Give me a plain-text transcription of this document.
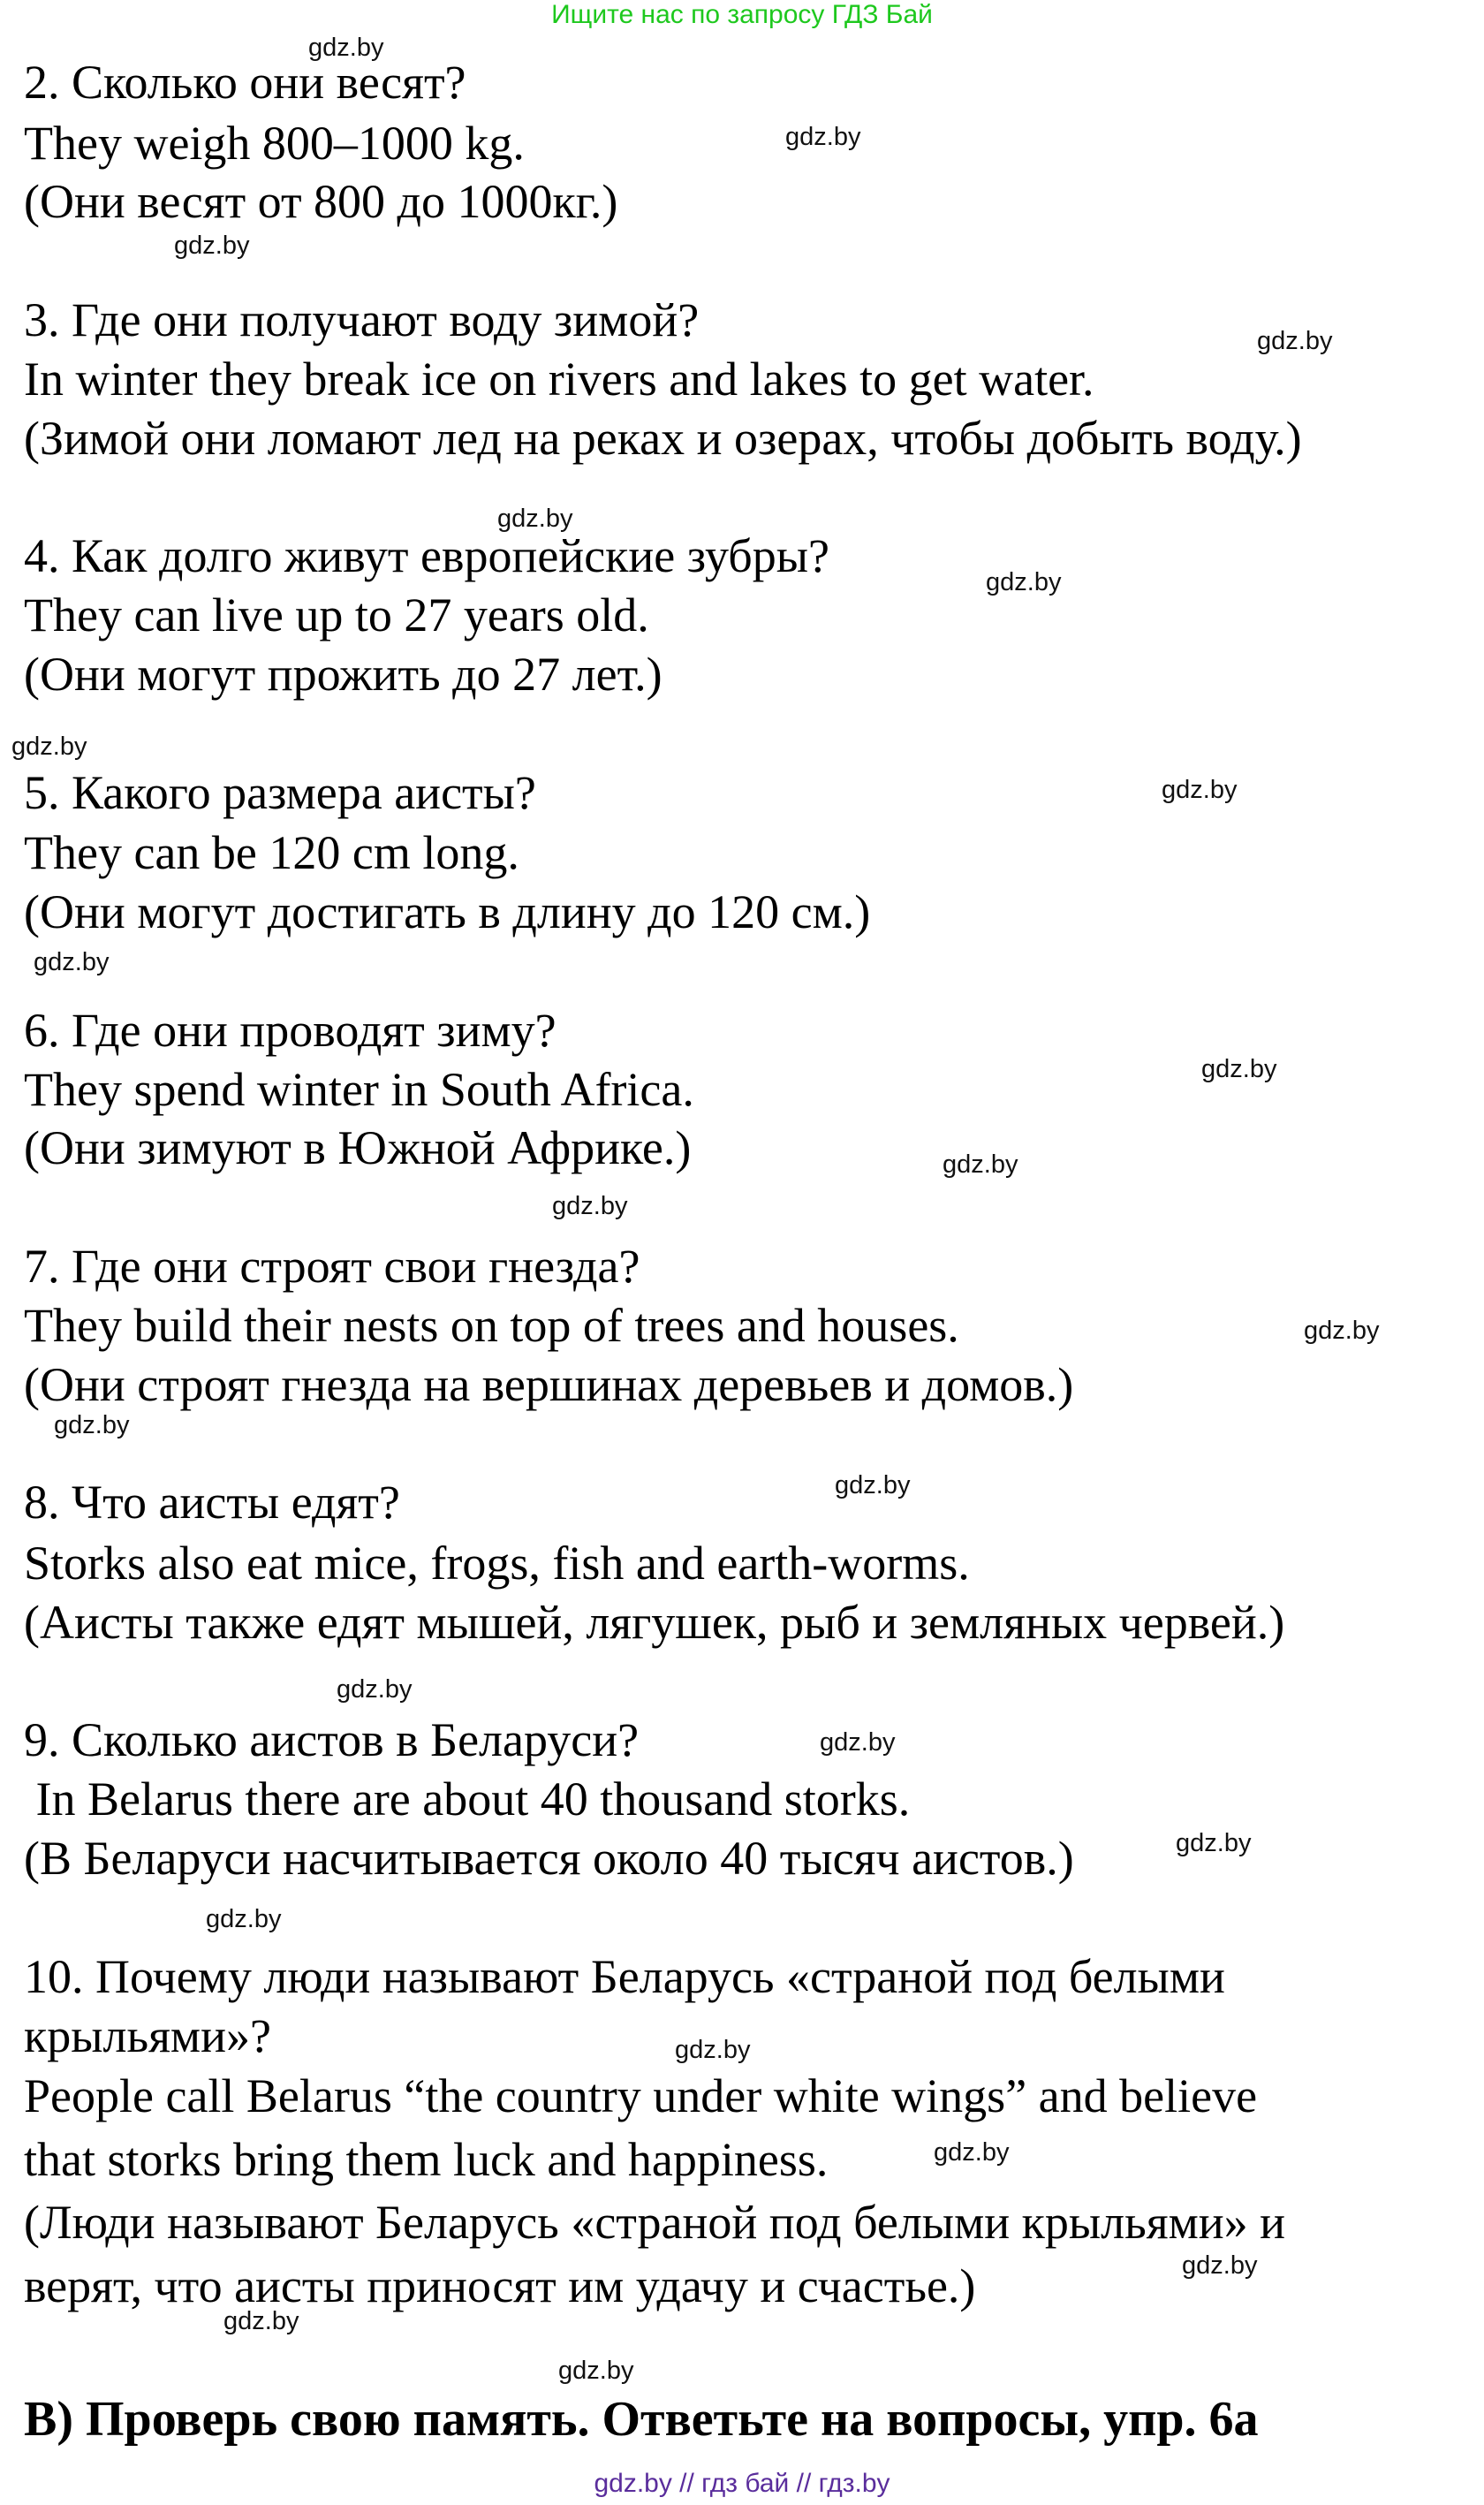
Ищите нас по запросу ГДЗ Бай
2. Сколько они весят?
They weigh 800–1000 kg.
(Они весят от 800 до 1000кг.)
3. Где они получают воду зимой?
In winter they break ice on rivers and lakes to get water.
(Зимой они ломают лед на реках и озерах, чтобы добыть воду.)
4. Как долго живут европейские зубры?
They can live up to 27 years old.
(Они могут прожить до 27 лет.)
5. Какого размера аисты?
They can be 120 cm long.
(Они могут достигать в длину до 120 см.)
6. Где они проводят зиму?
They spend winter in South Africa.
(Они зимуют в Южной Африке.)
7. Где они строят свои гнезда?
They build their nests on top of trees and houses.
(Они строят гнезда на вершинах деревьев и домов.)
8. Что аисты едят?
Storks also eat mice, frogs, fish and earth-worms.
(Аисты также едят мышей, лягушек, рыб и земляных червей.)
9. Сколько аистов в Беларуси?
In Belarus there are about 40 thousand storks.
(В Беларуси насчитывается около 40 тысяч аистов.)
10. Почему люди называют Беларусь «страной под белыми
крыльями»?
People call Belarus “the country under white wings” and believe
that storks bring them luck and happiness.
(Люди называют Беларусь «страной под белыми крыльями» и
верят, что аисты приносят им удачу и счастье.)
gdz.by
gdz.by
gdz.by
gdz.by
gdz.by
gdz.by
gdz.by
gdz.by
gdz.by
gdz.by
gdz.by
gdz.by
gdz.by
gdz.by
gdz.by
gdz.by
gdz.by
gdz.by
gdz.by
gdz.by
gdz.by
gdz.by
gdz.by
gdz.by
В) Проверь свою память. Ответьте на вопросы, упр. 6а
gdz.by // гдз бай // гдз.by
